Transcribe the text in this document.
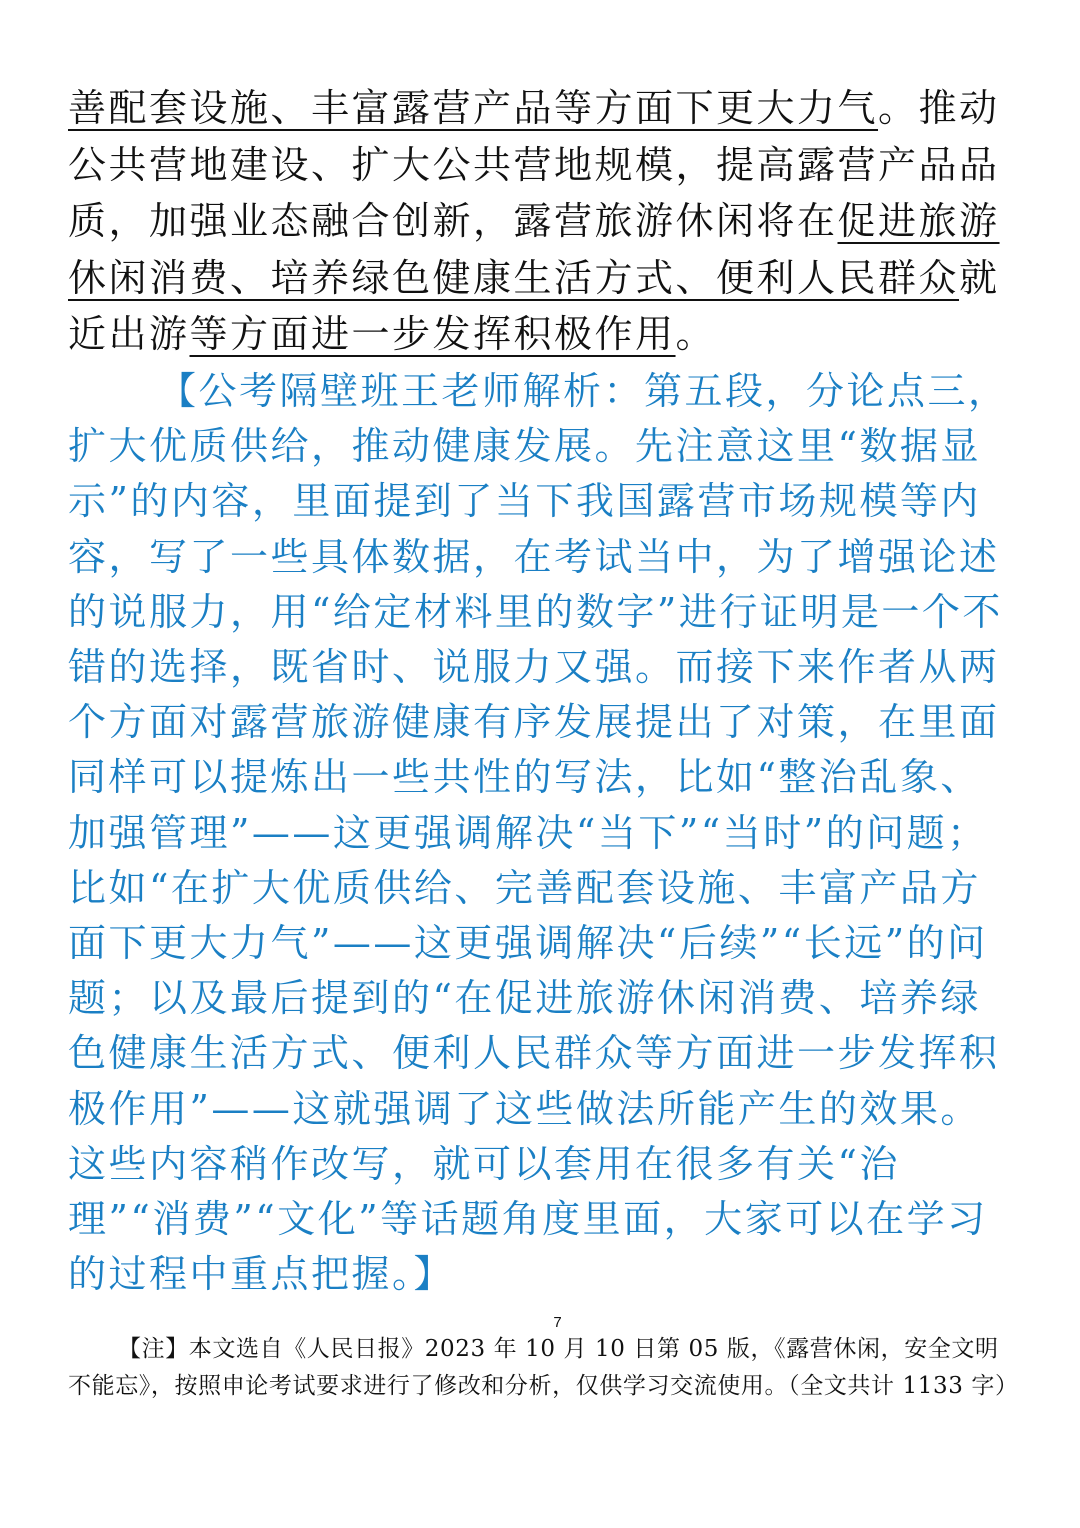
善配套设施、丰富露营产品等方面下更大力气。推动公共营地建设、扩大公共营地规模，提高露营产品品质，加强业态融合创新，露营旅游休闲将在促进旅游休闲消费、培养绿色健康生活方式、便利人民群众就近出游等方面进一步发挥积极作用。

【公考隔壁班王老师解析：第五段，分论点三，扩大优质供给，推动健康发展。先注意这里“数据显示”的内容，里面提到了当下我国露营市场规模等内容，写了一些具体数据，在考试当中，为了增强论述的说服力，用“给定材料里的数字”进行证明是一个不错的选择，既省时、说服力又强。而接下来作者从两个方面对露营旅游健康有序发展提出了对策，在里面同样可以提炼出一些共性的写法，比如“整治乱象、加强管理”——这更强调解决“当下”“当时”的问题；比如“在扩大优质供给、完善配套设施、丰富产品方面下更大力气”——这更强调解决“后续”“长远”的问题；以及最后提到的“在促进旅游休闲消费、培养绿色健康生活方式、便利人民群众等方面进一步发挥积极作用”——这就强调了这些做法所能产生的效果。这些内容稍作改写，就可以套用在很多有关“治理”“消费”“文化”等话题角度里面，大家可以在学习的过程中重点把握。】

7
【注】本文选自《人民日报》2023 年 10 月 10 日第 05 版，《露营休闲，安全文明不能忘》，按照申论考试要求进行了修改和分析，仅供学习交流使用。（全文共计 1133 字）
